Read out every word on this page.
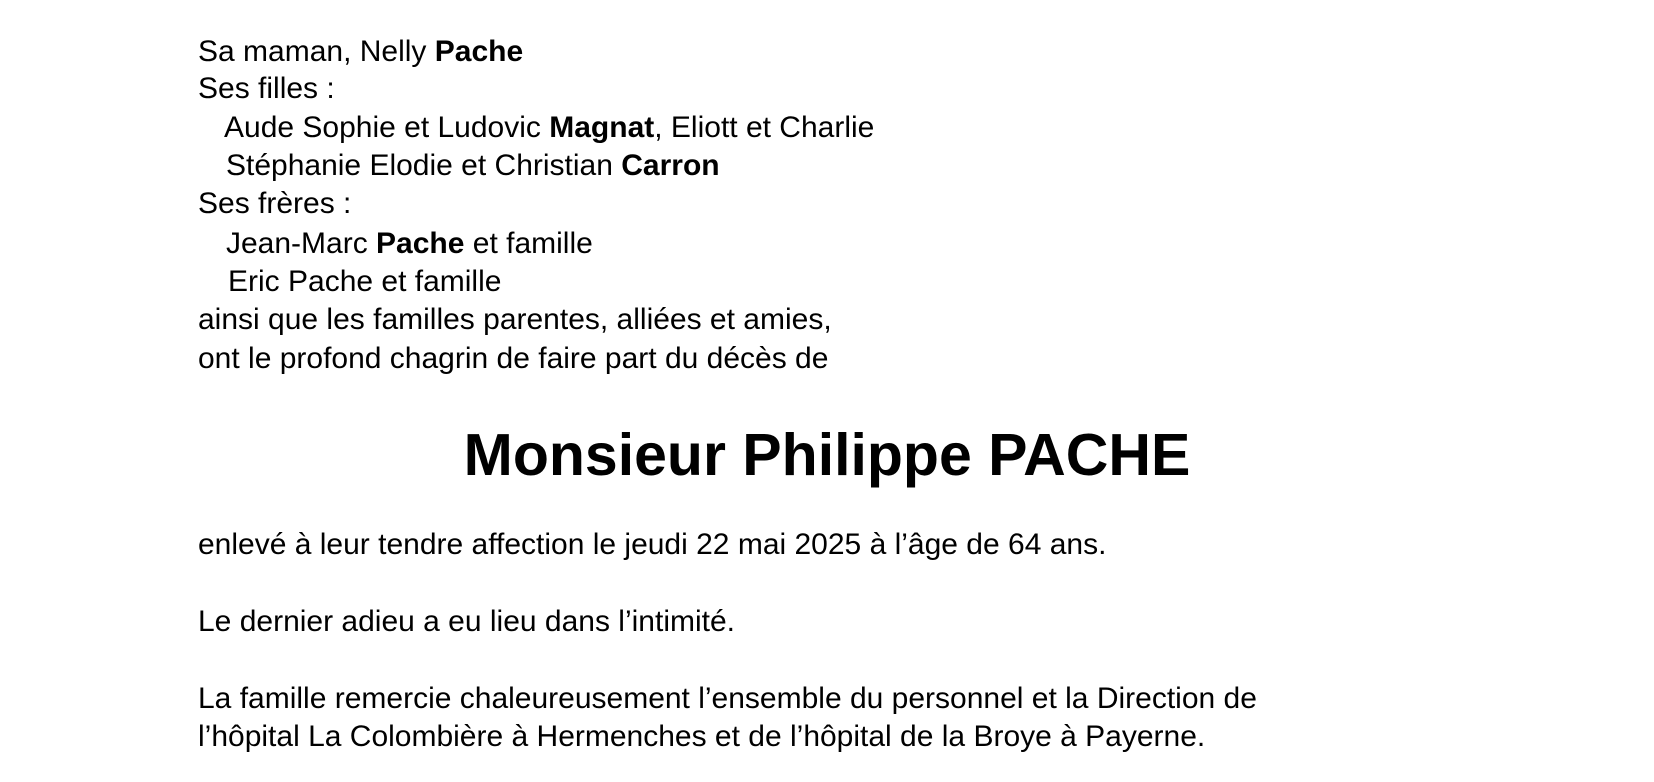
Sa maman, Nelly Pache

Ses filles :

Aude Sophie et Ludovic Magnat, Eliott et Charlie

Stéphanie Elodie et Christian Carron

Ses frères :

Jean-Marc Pache et famille

Eric Pache et famille

ainsi que les familles parentes, alliées et amies,

ont le profond chagrin de faire part du décès de

Monsieur Philippe PACHE

enlevé à leur tendre affection le jeudi 22 mai 2025 à l’âge de 64 ans.

Le dernier adieu a eu lieu dans l’intimité.

La famille remercie chaleureusement l’ensemble du personnel et la Direction de

l’hôpital La Colombière à Hermenches et de l’hôpital de la Broye à Payerne.
